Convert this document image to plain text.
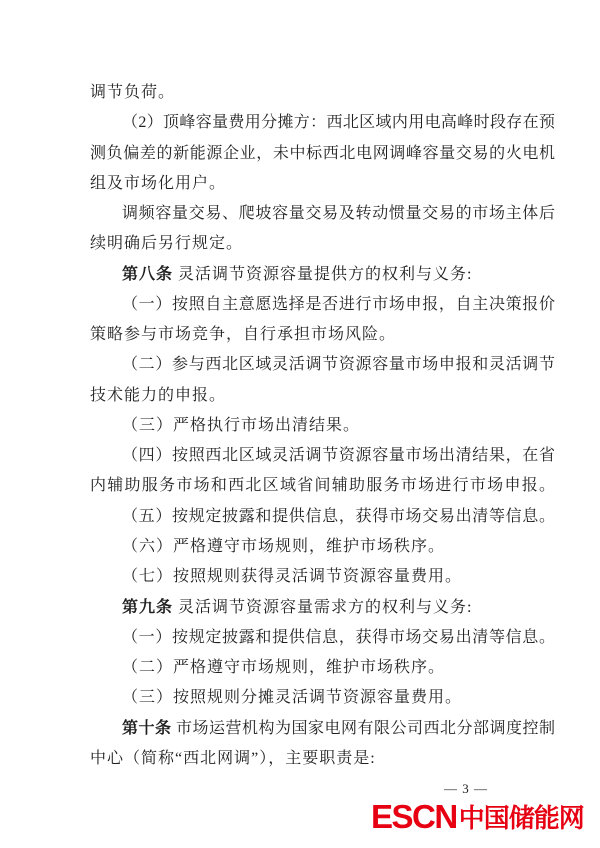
调节负荷。
（2）顶峰容量费用分摊方：西北区域内用电高峰时段存在预
测负偏差的新能源企业，未中标西北电网调峰容量交易的火电机
组及市场化用户。
调频容量交易、爬坡容量交易及转动惯量交易的市场主体后
续明确后另行规定。
第八条 灵活调节资源容量提供方的权利与义务:
（一）按照自主意愿选择是否进行市场申报，自主决策报价
策略参与市场竞争，自行承担市场风险。
（二）参与西北区域灵活调节资源容量市场申报和灵活调节
技术能力的申报。
（三）严格执行市场出清结果。
（四）按照西北区域灵活调节资源容量市场出清结果，在省
内辅助服务市场和西北区域省间辅助服务市场进行市场申报。
（五）按规定披露和提供信息，获得市场交易出清等信息。
（六）严格遵守市场规则，维护市场秩序。
（七）按照规则获得灵活调节资源容量费用。
第九条 灵活调节资源容量需求方的权利与义务:
（一）按规定披露和提供信息，获得市场交易出清等信息。
（二）严格遵守市场规则，维护市场秩序。
（三）按照规则分摊灵活调节资源容量费用。
第十条 市场运营机构为国家电网有限公司西北分部调度控制
中心（简称“西北网调”），主要职责是:
— 3 —
ESCN 中国储能网
